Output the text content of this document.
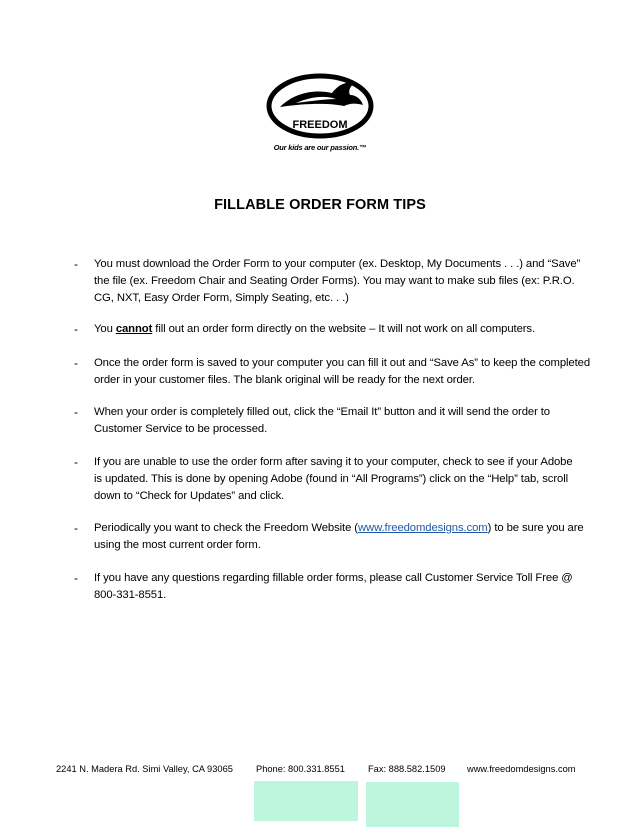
FREEDOM
Our kids are our passion.™
FILLABLE ORDER FORM TIPS
- You must download the Order Form to your computer (ex. Desktop, My Documents . . .) and “Save” the file (ex. Freedom Chair and Seating Order Forms). You may want to make sub files (ex: P.R.O. CG, NXT, Easy Order Form, Simply Seating, etc. . .)
- You cannot fill out an order form directly on the website – It will not work on all computers.
- Once the order form is saved to your computer you can fill it out and “Save As” to keep the completed order in your customer files. The blank original will be ready for the next order.
- When your order is completely filled out, click the “Email It” button and it will send the order to Customer Service to be processed.
- If you are unable to use the order form after saving it to your computer, check to see if your Adobe is updated. This is done by opening Adobe (found in “All Programs”) click on the “Help” tab, scroll down to “Check for Updates” and click.
- Periodically you want to check the Freedom Website (www.freedomdesigns.com) to be sure you are using the most current order form.
- If you have any questions regarding fillable order forms, please call Customer Service Toll Free @ 800-331-8551.
2241 N. Madera Rd. Simi Valley, CA 93065 Phone: 800.331.8551 Fax: 888.582.1509 www.freedomdesigns.com
